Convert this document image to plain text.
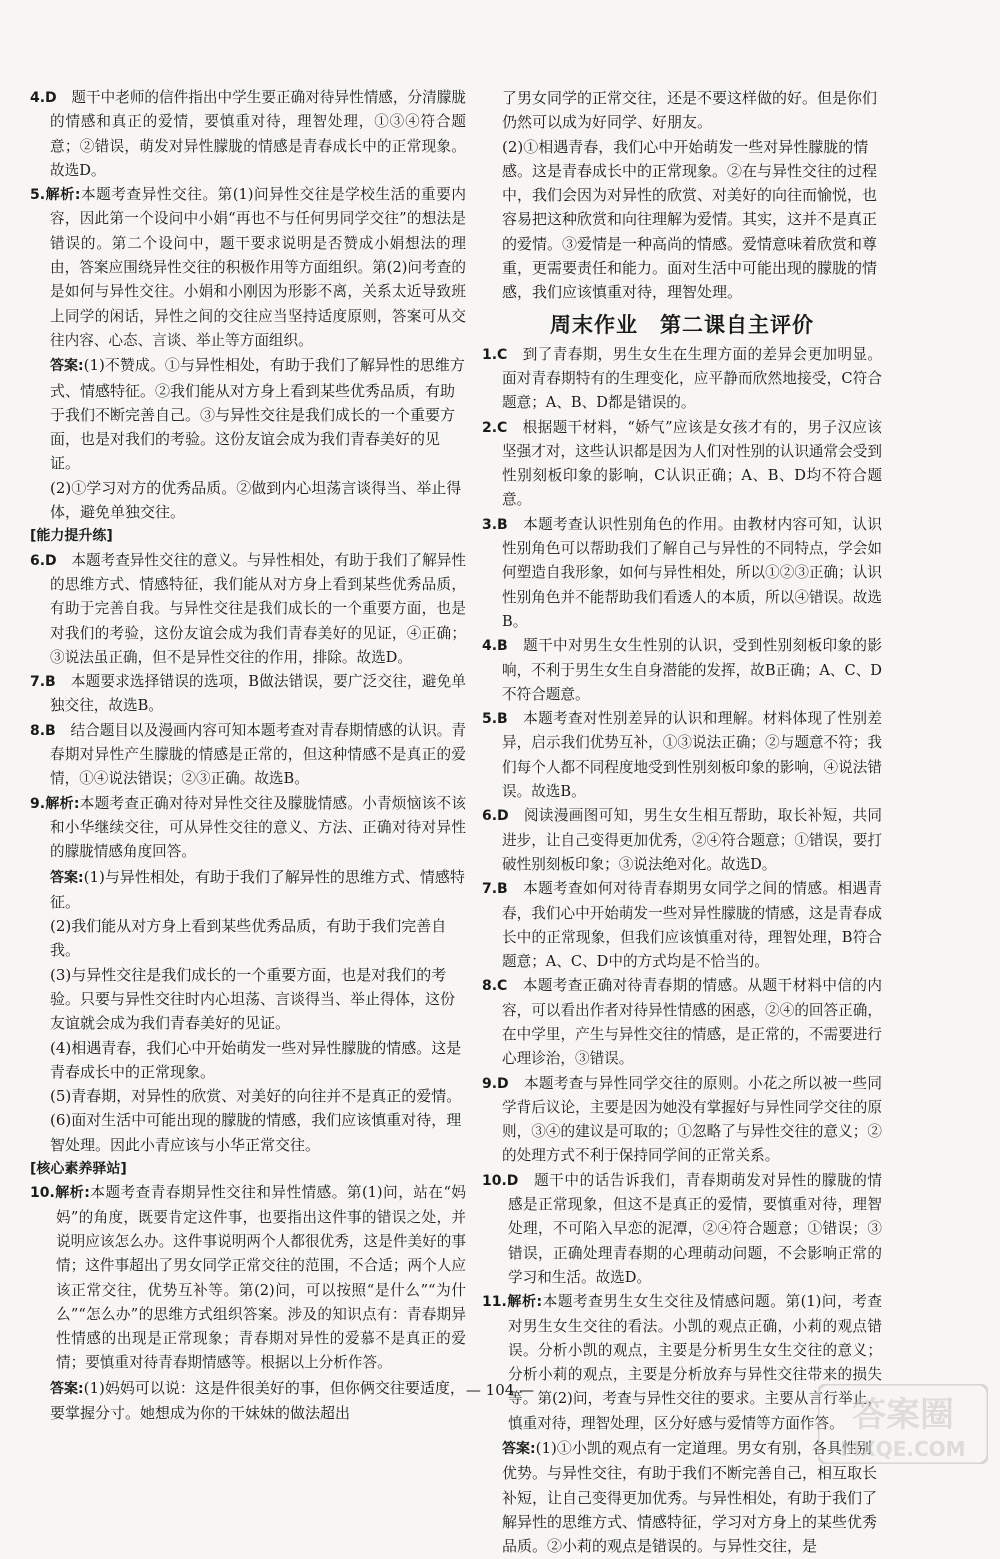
4.D　 题干中老师的信件指出中学生要正确对待异性情感，分清朦胧的情感和真正的爱情，要慎重对待，理智处理，①③④符合题意；②错误，萌发对异性朦胧的情感是青春成长中的正常现象。故选D。

5.解析:本题考查异性交往。第(1)问异性交往是学校生活的重要内容，因此第一个设问中小娟“再也不与任何男同学交往”的想法是错误的。第二个设问中，题干要求说明是否赞成小娟想法的理由，答案应围绕异性交往的积极作用等方面组织。第(2)问考查的是如何与异性交往。小娟和小刚因为形影不离，关系太近导致班上同学的闲话，异性之间的交往应当坚持适度原则，答案可从交往内容、心态、言谈、举止等方面组织。

答案:(1)不赞成。①与异性相处，有助于我们了解异性的思维方式、情感特征。②我们能从对方身上看到某些优秀品质，有助于我们不断完善自己。③与异性交往是我们成长的一个重要方面，也是对我们的考验。这份友谊会成为我们青春美好的见证。

(2)①学习对方的优秀品质。②做到内心坦荡言谈得当、举止得体，避免单独交往。

[能力提升练]

6.D　 本题考查异性交往的意义。与异性相处，有助于我们了解异性的思维方式、情感特征，我们能从对方身上看到某些优秀品质，有助于完善自我。与异性交往是我们成长的一个重要方面，也是对我们的考验，这份友谊会成为我们青春美好的见证，④正确；③说法虽正确，但不是异性交往的作用，排除。故选D。

7.B　 本题要求选择错误的选项，B做法错误，要广泛交往，避免单独交往，故选B。

8.B　 结合题目以及漫画内容可知本题考查对青春期情感的认识。青春期对异性产生朦胧的情感是正常的，但这种情感不是真正的爱情，①④说法错误；②③正确。故选B。

9.解析:本题考查正确对待对异性交往及朦胧情感。小青烦恼该不该和小华继续交往，可从异性交往的意义、方法、正确对待对异性的朦胧情感角度回答。

答案:(1)与异性相处，有助于我们了解异性的思维方式、情感特征。

(2)我们能从对方身上看到某些优秀品质，有助于我们完善自我。

(3)与异性交往是我们成长的一个重要方面，也是对我们的考验。只要与异性交往时内心坦荡、言谈得当、举止得体，这份友谊就会成为我们青春美好的见证。

(4)相遇青春，我们心中开始萌发一些对异性朦胧的情感。这是青春成长中的正常现象。

(5)青春期，对异性的欣赏、对美好的向往并不是真正的爱情。

(6)面对生活中可能出现的朦胧的情感，我们应该慎重对待，理智处理。因此小青应该与小华正常交往。

[核心素养驿站]

10.解析:本题考查青春期异性交往和异性情感。第(1)问，站在“妈妈”的角度，既要肯定这件事，也要指出这件事的错误之处，并说明应该怎么办。这件事说明两个人都很优秀，这是件美好的事情；这件事超出了男女同学正常交往的范围，不合适；两个人应该正常交往，优势互补等。第(2)问，可以按照“是什么”“为什么”“怎么办”的思维方式组织答案。涉及的知识点有：青春期异性情感的出现是正常现象；青春期对异性的爱慕不是真正的爱情；要慎重对待青春期情感等。根据以上分析作答。

答案:(1)妈妈可以说：这是件很美好的事，但你俩交往要适度，要掌握分寸。她想成为你的干妹妹的做法超出

了男女同学的正常交往，还是不要这样做的好。但是你们仍然可以成为好同学、好朋友。

(2)①相遇青春，我们心中开始萌发一些对异性朦胧的情感。这是青春成长中的正常现象。②在与异性交往的过程中，我们会因为对异性的欣赏、对美好的向往而愉悦，也容易把这种欣赏和向往理解为爱情。其实，这并不是真正的爱情。③爱情是一种高尚的情感。爱情意味着欣赏和尊重，更需要责任和能力。面对生活中可能出现的朦胧的情感，我们应该慎重对待，理智处理。

周末作业　第二课自主评价

1.C　 到了青春期，男生女生在生理方面的差异会更加明显。面对青春期特有的生理变化，应平静而欣然地接受，C符合题意；A、B、D都是错误的。

2.C　 根据题干材料，“娇气”应该是女孩才有的，男子汉应该坚强才对，这些认识都是因为人们对性别的认识通常会受到性别刻板印象的影响，C认识正确；A、B、D均不符合题意。

3.B　 本题考查认识性别角色的作用。由教材内容可知，认识性别角色可以帮助我们了解自己与异性的不同特点，学会如何塑造自我形象，如何与异性相处，所以①②③正确；认识性别角色并不能帮助我们看透人的本质，所以④错误。故选B。

4.B　 题干中对男生女生性别的认识，受到性别刻板印象的影响，不利于男生女生自身潜能的发挥，故B正确；A、C、D不符合题意。

5.B　 本题考查对性别差异的认识和理解。材料体现了性别差异，启示我们优势互补，①③说法正确；②与题意不符；我们每个人都不同程度地受到性别刻板印象的影响，④说法错误。故选B。

6.D　 阅读漫画图可知，男生女生相互帮助，取长补短，共同进步，让自己变得更加优秀，②④符合题意；①错误，要打破性别刻板印象；③说法绝对化。故选D。

7.B　 本题考查如何对待青春期男女同学之间的情感。相遇青春，我们心中开始萌发一些对异性朦胧的情感，这是青春成长中的正常现象，但我们应该慎重对待，理智处理，B符合题意；A、C、D中的方式均是不恰当的。

8.C　 本题考查正确对待青春期的情感。从题干材料中信的内容，可以看出作者对待异性情感的困惑，②④的回答正确，在中学里，产生与异性交往的情感，是正常的，不需要进行心理诊治，③错误。

9.D　 本题考查与异性同学交往的原则。小花之所以被一些同学背后议论，主要是因为她没有掌握好与异性同学交往的原则，③④的建议是可取的；①忽略了与异性交往的意义；②的处理方式不利于保持同学间的正常关系。

10.D　 题干中的话告诉我们，青春期萌发对异性的朦胧的情感是正常现象，但这不是真正的爱情，要慎重对待，理智处理，不可陷入早恋的泥潭，②④符合题意；①错误；③错误，正确处理青春期的心理萌动问题，不会影响正常的学习和生活。故选D。

11.解析:本题考查男生女生交往及情感问题。第(1)问，考查对男生女生交往的看法。小凯的观点正确，小莉的观点错误。分析小凯的观点，主要是分析男生女生交往的意义；分析小莉的观点，主要是分析放弃与异性交往带来的损失等。第(2)问，考查与异性交往的要求。主要从言行举止，慎重对待，理智处理，区分好感与爱情等方面作答。

答案:(1)①小凯的观点有一定道理。男女有别，各具性别优势。与异性交往，有助于我们不断完善自己，相互取长补短，让自己变得更加优秀。与异性相处，有助于我们了解异性的思维方式、情感特征，学习对方身上的某些优秀品质。②小莉的观点是错误的。与异性交往，是

— 104 —
答案圈
MXQE.COM
